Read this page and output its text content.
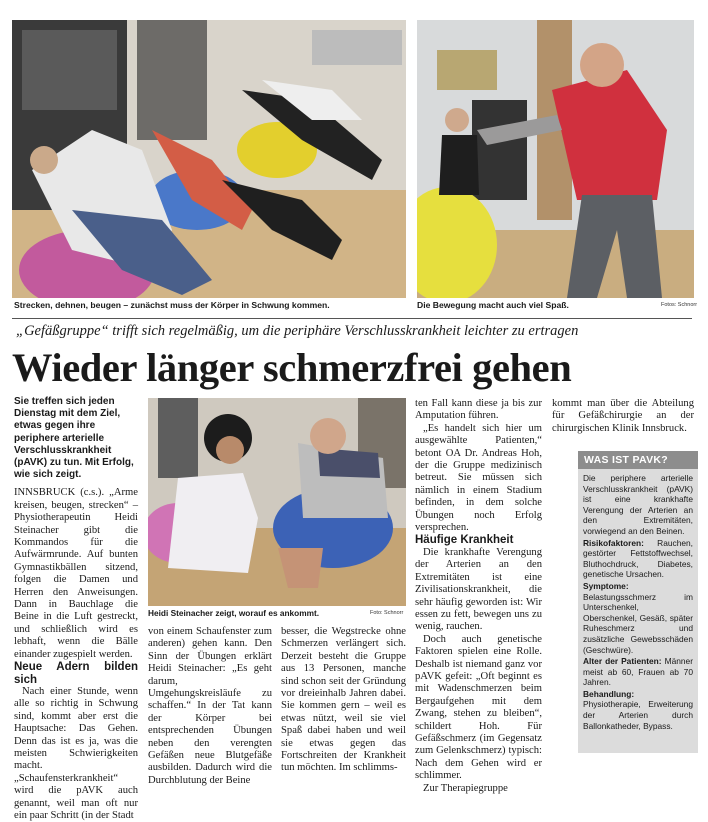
Strecken, dehnen, beugen – zunächst muss der Körper in Schwung kommen.	Die Bewegung macht auch viel Spaß.	Fotos: Schnorr
„Gefäßgruppe“ trifft sich regelmäßig, um die periphäre Verschlusskrankheit leichter zu ertragen
Wieder länger schmerzfrei gehen

Sie treffen sich jeden Dienstag mit dem Ziel, etwas gegen ihre periphere arterielle Verschlusskrankheit (pAVK) zu tun. Mit Erfolg, wie sich zeigt.

INNSBRUCK (c.s.). „Arme kreisen, beugen, strecken“ – Physiotherapeutin Heidi Steinacher gibt die Kommandos für die Aufwärmrunde. Auf bunten Gymnastikbällen sitzend, folgen die Damen und Herren den Anweisungen. Dann in Bauchlage die Beine in die Luft gestreckt, und schließlich wird es lebhaft, wenn die Bälle einander zugespielt werden.

Neue Adern bilden sich

Nach einer Stunde, wenn alle so richtig in Schwung sind, kommt aber erst die Hauptsache: Das Gehen. Denn das ist es ja, was die meisten Schwierigkeiten macht. „Schaufensterkrankheit“ wird die pAVK auch genannt, weil man oft nur ein paar Schritt (in der Stadt

Heidi Steinacher zeigt, worauf es ankommt.	Foto: Schnorr

von einem Schaufenster zum anderen) gehen kann. Den Sinn der Übungen erklärt Heidi Steinacher: „Es geht darum, Umgehungskreisläufe zu schaffen.“ In der Tat kann der Körper bei entsprechenden Übungen neben den verengten Gefäßen neue Blutgefäße ausbilden. Dadurch wird die Durchblutung der Beine

besser, die Wegstrecke ohne Schmerzen verlängert sich. Derzeit besteht die Gruppe aus 13 Personen, manche sind schon seit der Gründung vor dreieinhalb Jahren dabei. Sie kommen gern – weil es etwas nützt, weil sie viel Spaß dabei haben und weil sie etwas gegen das Fortschreiten der Krankheit tun möchten. Im schlimms-

ten Fall kann diese ja bis zur Amputation führen.

„Es handelt sich hier um ausgewählte Patienten,“ betont OA Dr. Andreas Hoh, der die Gruppe medizinisch betreut. Sie müssen sich nämlich in einem Stadium befinden, in dem solche Übungen noch Erfolg versprechen.

Häufige Krankheit

Die krankhafte Verengung der Arterien an den Extremitäten ist eine Zivilisationskrankheit, die sehr häufig geworden ist: Wir essen zu fett, bewegen uns zu wenig, rauchen.

Doch auch genetische Faktoren spielen eine Rolle. Deshalb ist niemand ganz vor pAVK gefeit: „Oft beginnt es mit Wadenschmerzen beim Bergaufgehen mit dem Zwang, stehen zu bleiben“, schildert Hoh. Für Gefäßschmerz (im Gegensatz zum Gelenkschmerz) typisch: Nach dem Gehen wird er schlimmer.

Zur Therapiegruppe

kommt man über die Abteilung für Gefäßchirurgie an der chirurgischen Klinik Innsbruck.

WAS IST PAVK?

Die periphere arterielle Verschlusskrankheit (pAVK) ist eine krankhafte Verengung der Arterien an den Extremitäten, vorwiegend an den Beinen.

Risikofaktoren: Rauchen, gestörter Fettstoffwechsel, Bluthochdruck, Diabetes, genetische Ursachen.

Symptome: Belastungsschmerz im Unterschenkel, Oberschenkel, Gesäß, später Ruheschmerz und zusätzliche Gewebsschäden (Geschwüre).

Alter der Patienten: Männer meist ab 60, Frauen ab 70 Jahren.

Behandlung: Physiotherapie, Erweiterung der Arterien durch Ballonkatheder, Bypass.
